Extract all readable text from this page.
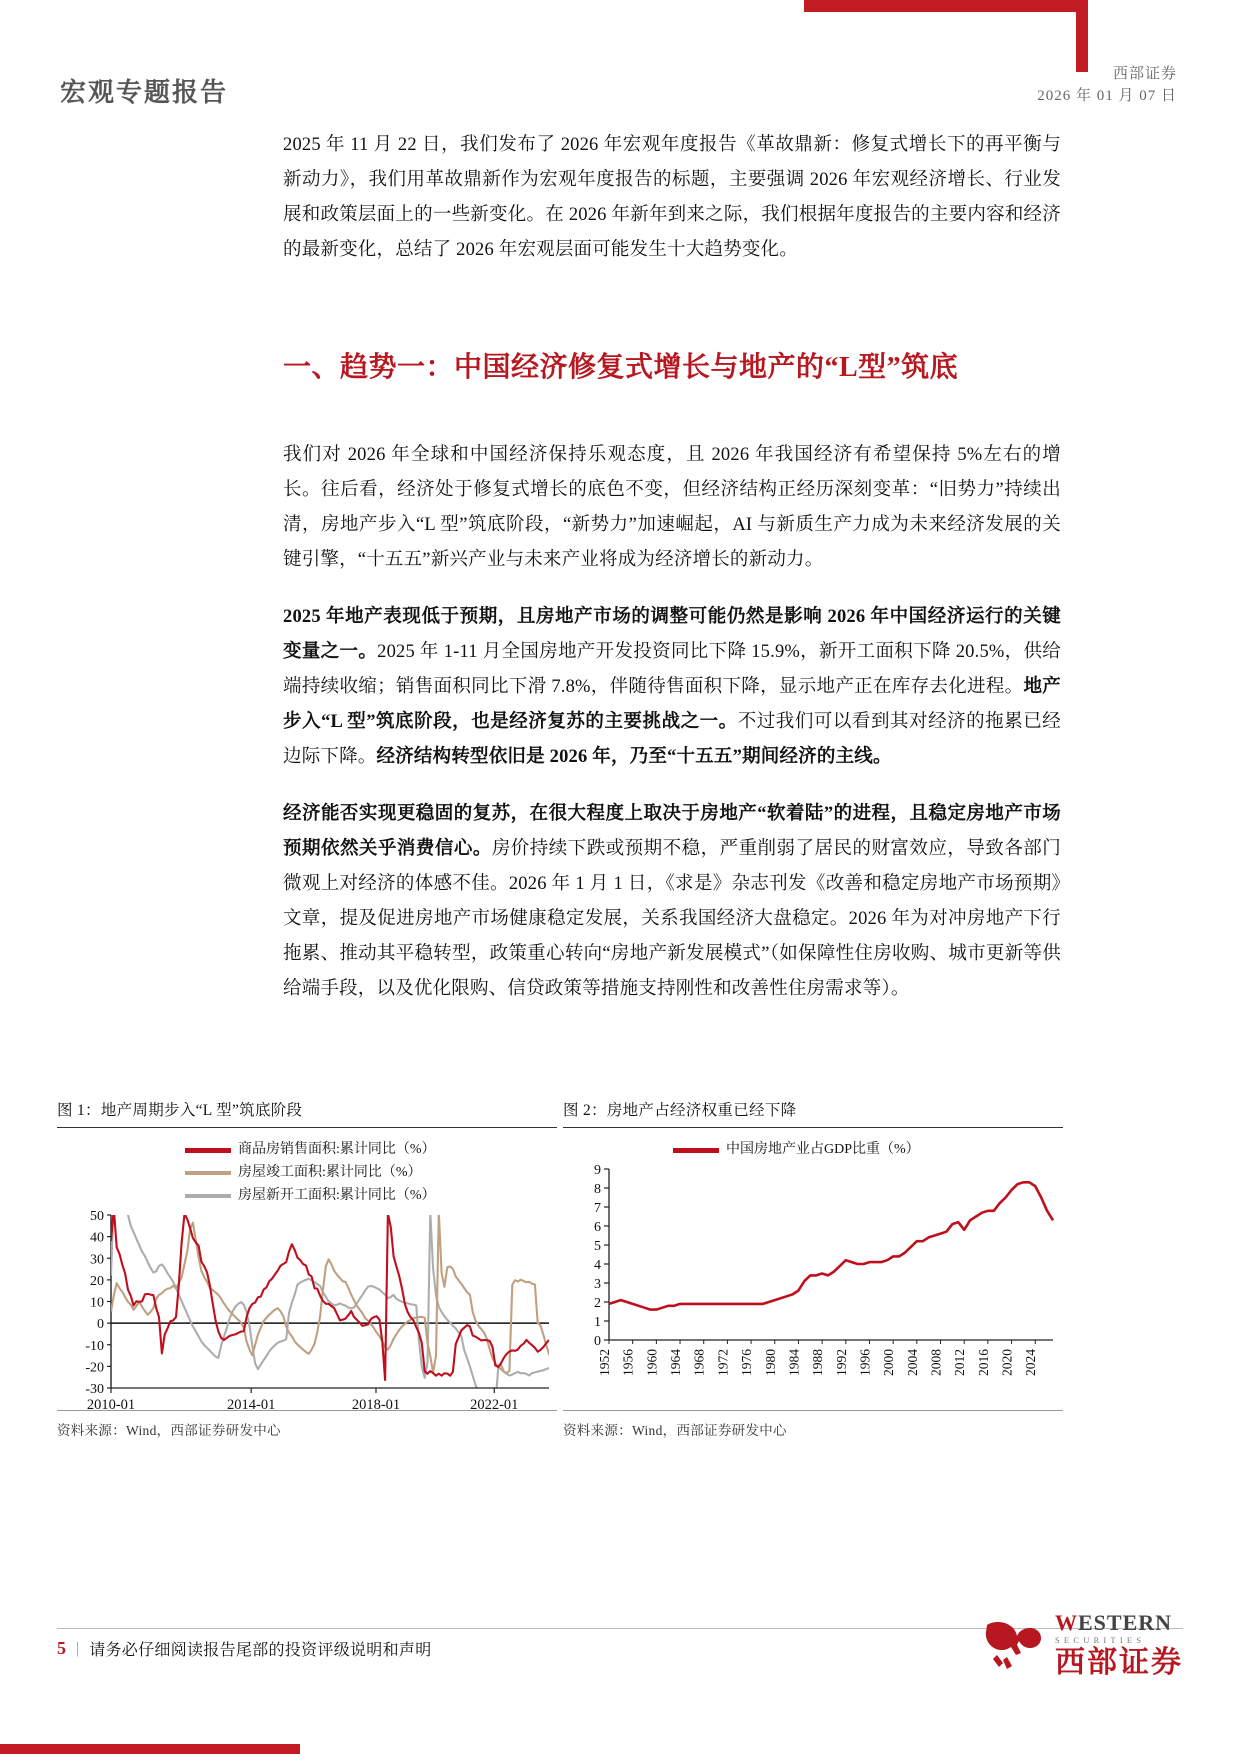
宏观专题报告
西部证券
2026 年 01 月 07 日

2025 年 11 月 22 日，我们发布了 2026 年宏观年度报告《革故鼎新：修复式增长下的再平衡与新动力》，我们用革故鼎新作为宏观年度报告的标题，主要强调 2026 年宏观经济增长、行业发展和政策层面上的一些新变化。在 2026 年新年到来之际，我们根据年度报告的主要内容和经济的最新变化，总结了 2026 年宏观层面可能发生十大趋势变化。

一、趋势一：中国经济修复式增长与地产的“L型”筑底

我们对 2026 年全球和中国经济保持乐观态度，且 2026 年我国经济有希望保持 5%左右的增长。往后看，经济处于修复式增长的底色不变，但经济结构正经历深刻变革：“旧势力”持续出清，房地产步入“L 型”筑底阶段，“新势力”加速崛起，AI 与新质生产力成为未来经济发展的关键引擎，“十五五”新兴产业与未来产业将成为经济增长的新动力。

2025 年地产表现低于预期，且房地产市场的调整可能仍然是影响 2026 年中国经济运行的关键变量之一。2025 年 1-11 月全国房地产开发投资同比下降 15.9%，新开工面积下降 20.5%，供给端持续收缩；销售面积同比下滑 7.8%，伴随待售面积下降，显示地产正在库存去化进程。地产步入“L 型”筑底阶段，也是经济复苏的主要挑战之一。不过我们可以看到其对经济的拖累已经边际下降。经济结构转型依旧是 2026 年，乃至“十五五”期间经济的主线。

经济能否实现更稳固的复苏，在很大程度上取决于房地产“软着陆”的进程，且稳定房地产市场预期依然关乎消费信心。房价持续下跌或预期不稳，严重削弱了居民的财富效应，导致各部门微观上对经济的体感不佳。2026 年 1 月 1 日，《求是》杂志刊发《改善和稳定房地产市场预期》文章，提及促进房地产市场健康稳定发展，关系我国经济大盘稳定。2026 年为对冲房地产下行拖累、推动其平稳转型，政策重心转向“房地产新发展模式”（如保障性住房收购、城市更新等供给端手段，以及优化限购、信贷政策等措施支持刚性和改善性住房需求等）。

图 1：地产周期步入“L 型”筑底阶段
商品房销售面积:累计同比（%）
房屋竣工面积:累计同比（%）
房屋新开工面积:累计同比（%）
-30
-20
-10
0
10
20
30
40
50
2010-01	2014-01	2018-01	2022-01
资料来源：Wind，西部证券研发中心
图 2：房地产占经济权重已经下降
中国房地产业占GDP比重（%）
9
8
7
6
5
4
3
2
1
0
1952 1956 1960 1964 1968 1972 1976 1980 1984 1988 1992 1996 2000 2004 2008 2012 2016 2020 2024
资料来源：Wind，西部证券研发中心
5 | 请务必仔细阅读报告尾部的投资评级说明和声明
WESTERN
SECURITIES
西部证券
